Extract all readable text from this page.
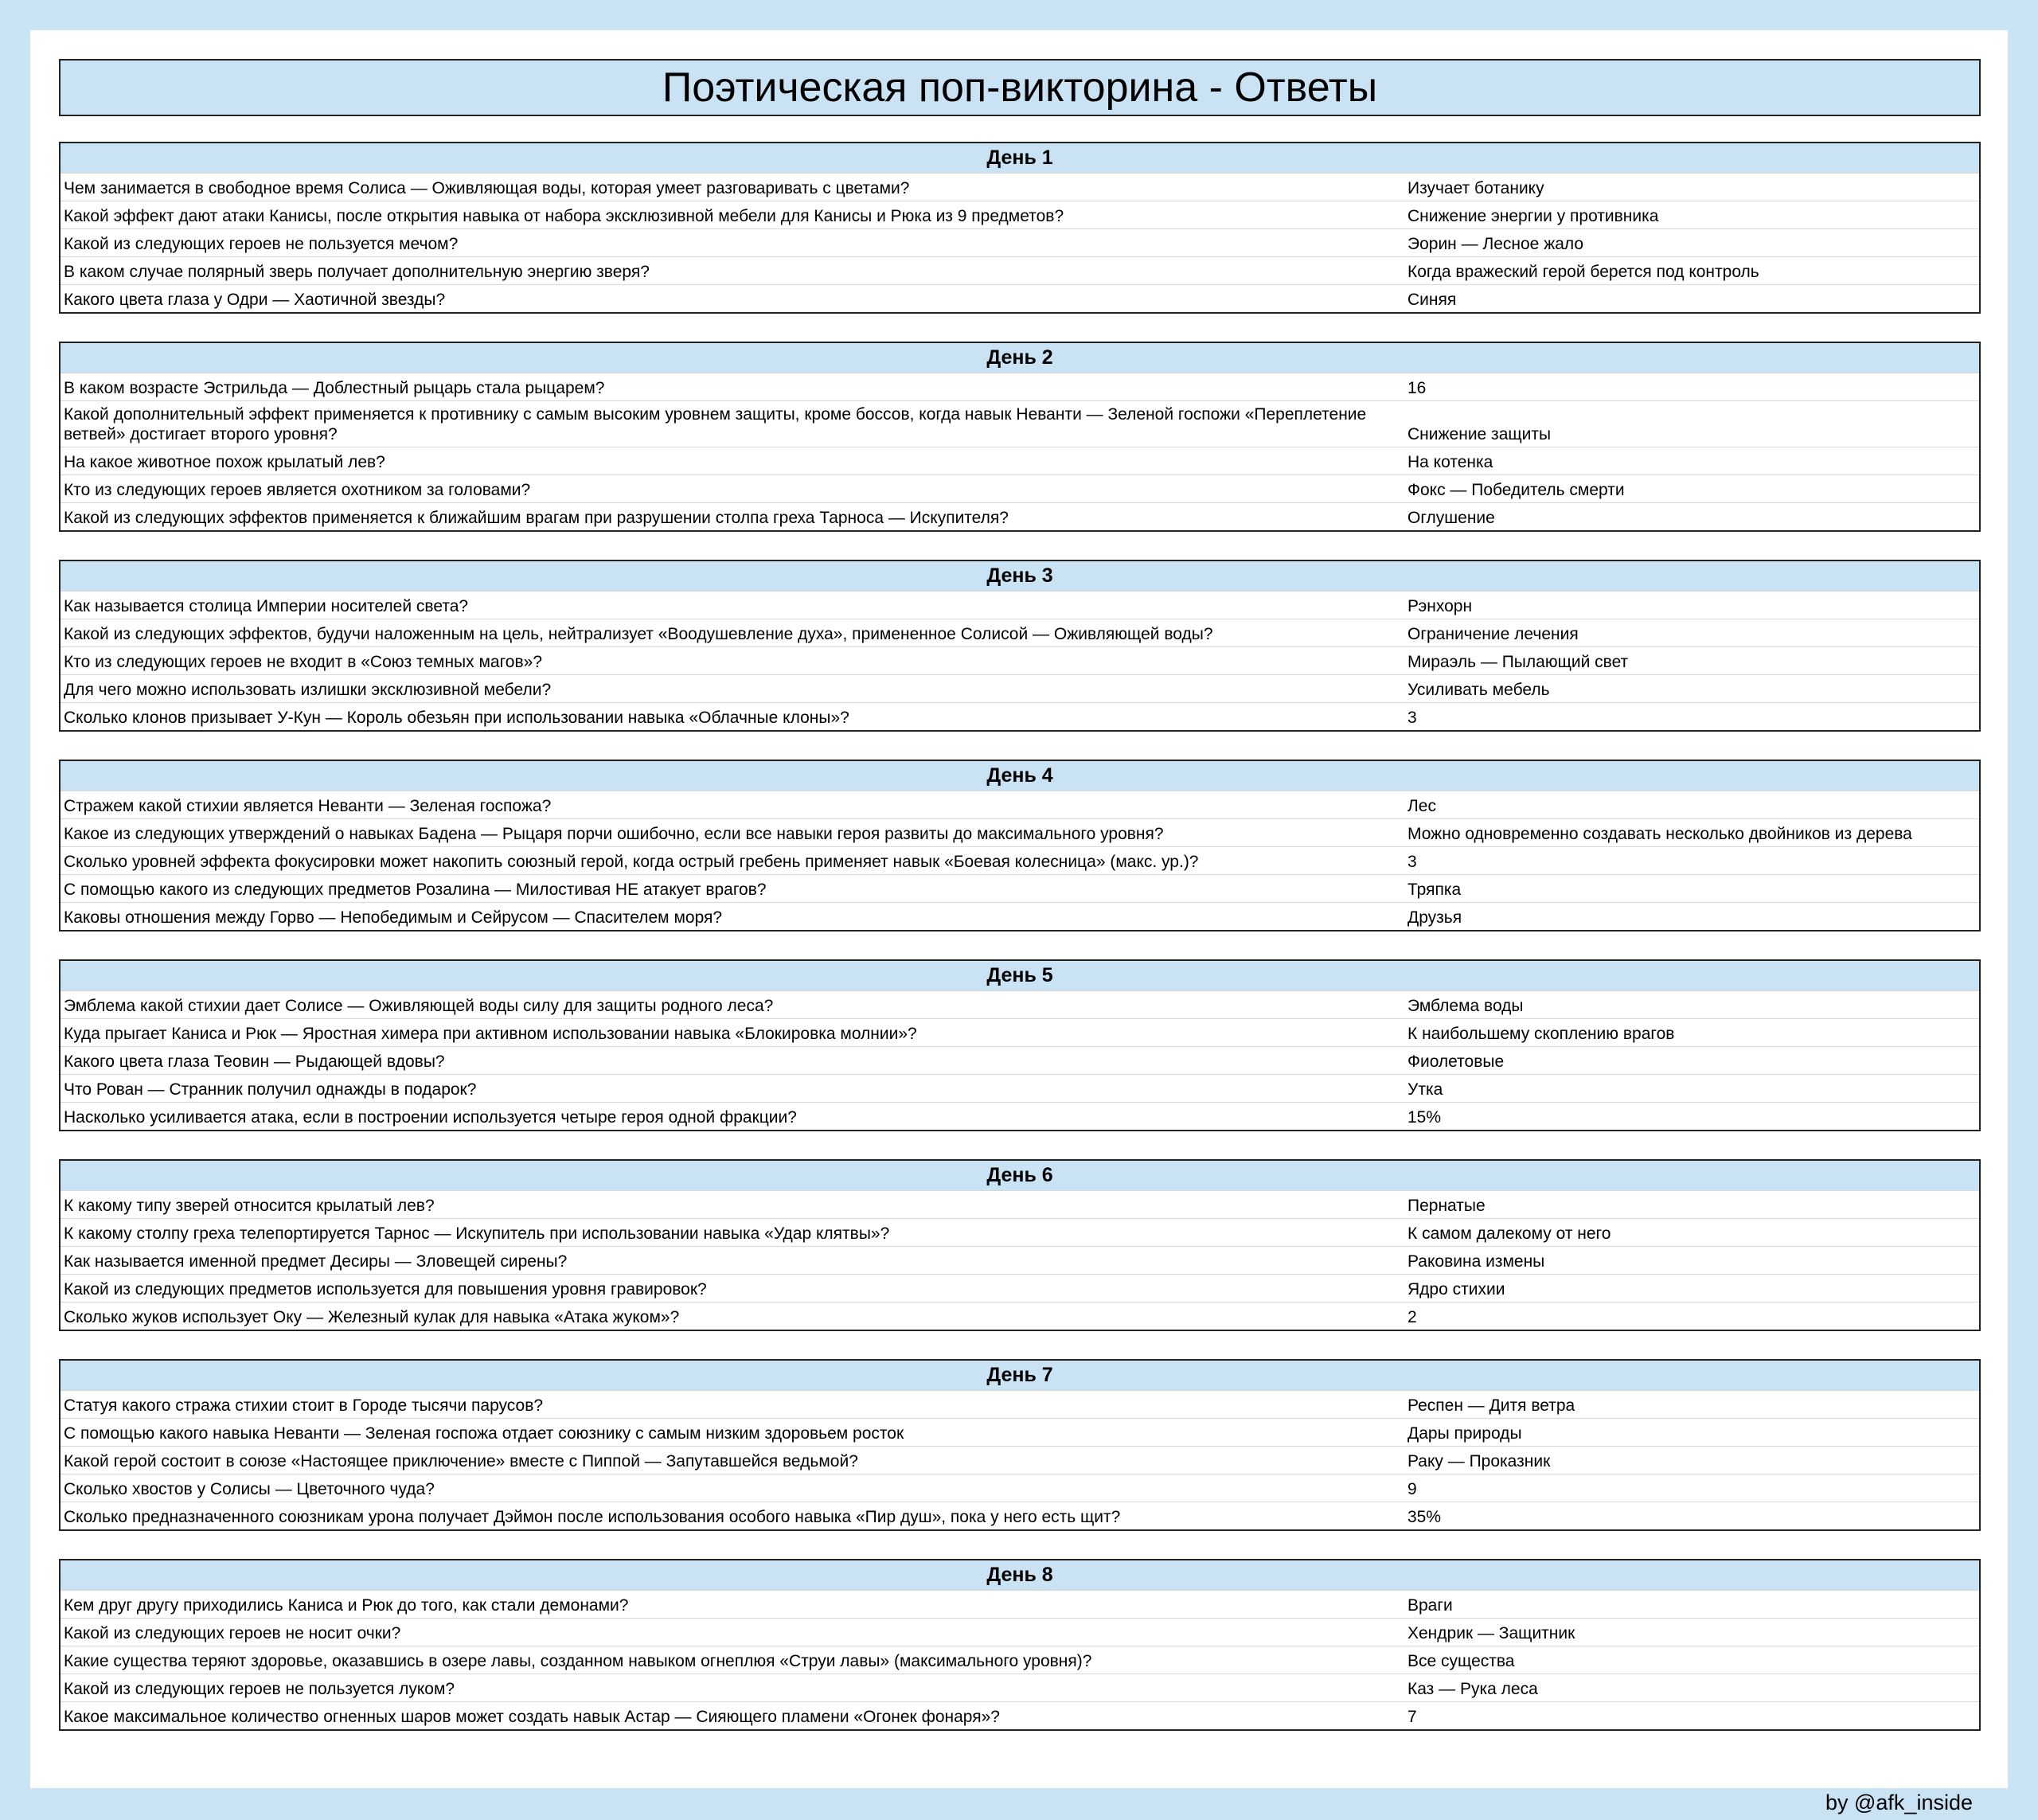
Поэтическая поп-викторина - Ответы
День 1
Чем занимается в свободное время Солиса — Оживляющая воды, которая умеет разговаривать с цветами?	Изучает ботанику
Какой эффект дают атаки Канисы, после открытия навыка от набора эксклюзивной мебели для Канисы и Рюка из 9 предметов?	Снижение энергии у противника
Какой из следующих героев не пользуется мечом?	Эорин — Лесное жало
В каком случае полярный зверь получает дополнительную энергию зверя?	Когда вражеский герой берется под контроль
Какого цвета глаза у Одри — Хаотичной звезды?	Синяя
День 2
В каком возрасте Эстрильда — Доблестный рыцарь стала рыцарем?	16
Какой дополнительный эффект применяется к противнику с самым высоким уровнем защиты, кроме боссов, когда навык Неванти — Зеленой госпожи «Переплетение ветвей» достигает второго уровня?	Снижение защиты
На какое животное похож крылатый лев?	На котенка
Кто из следующих героев является охотником за головами?	Фокс — Победитель смерти
Какой из следующих эффектов применяется к ближайшим врагам при разрушении столпа греха Тарноса — Искупителя?	Оглушение
День 3
Как называется столица Империи носителей света?	Рэнхорн
Какой из следующих эффектов, будучи наложенным на цель, нейтрализует «Воодушевление духа», примененное Солисой — Оживляющей воды?	Ограничение лечения
Кто из следующих героев не входит в «Союз темных магов»?	Мираэль — Пылающий свет
Для чего можно использовать излишки эксклюзивной мебели?	Усиливать мебель
Сколько клонов призывает У-Кун — Король обезьян при использовании навыка «Облачные клоны»?	3
День 4
Стражем какой стихии является Неванти — Зеленая госпожа?	Лес
Какое из следующих утверждений о навыках Бадена — Рыцаря порчи ошибочно, если все навыки героя развиты до максимального уровня?	Можно одновременно создавать несколько двойников из дерева
Сколько уровней эффекта фокусировки может накопить союзный герой, когда острый гребень применяет навык «Боевая колесница» (макс. ур.)?	3
С помощью какого из следующих предметов Розалина — Милостивая НЕ атакует врагов?	Тряпка
Каковы отношения между Горво — Непобедимым и Сейрусом — Спасителем моря?	Друзья
День 5
Эмблема какой стихии дает Солисе — Оживляющей воды силу для защиты родного леса?	Эмблема воды
Куда прыгает Каниса и Рюк — Яростная химера при активном использовании навыка «Блокировка молнии»?	К наибольшему скоплению врагов
Какого цвета глаза Теовин — Рыдающей вдовы?	Фиолетовые
Что Рован — Странник получил однажды в подарок?	Утка
Насколько усиливается атака, если в построении используется четыре героя одной фракции?	15%
День 6
К какому типу зверей относится крылатый лев?	Пернатые
К какому столпу греха телепортируется Тарнос — Искупитель при использовании навыка «Удар клятвы»?	К самом далекому от него
Как называется именной предмет Десиры — Зловещей сирены?	Раковина измены
Какой из следующих предметов используется для повышения уровня гравировок?	Ядро стихии
Сколько жуков использует Оку — Железный кулак для навыка «Атака жуком»?	2
День 7
Статуя какого стража стихии стоит в Городе тысячи парусов?	Респен — Дитя ветра
С помощью какого навыка Неванти — Зеленая госпожа отдает союзнику с самым низким здоровьем росток	Дары природы
Какой герой состоит в союзе «Настоящее приключение» вместе с Пиппой — Запутавшейся ведьмой?	Раку — Проказник
Сколько хвостов у Солисы — Цветочного чуда?	9
Сколько предназначенного союзникам урона получает Дэймон после использования особого навыка «Пир душ», пока у него есть щит?	35%
День 8
Кем друг другу приходились Каниса и Рюк до того, как стали демонами?	Враги
Какой из следующих героев не носит очки?	Хендрик — Защитник
Какие существа теряют здоровье, оказавшись в озере лавы, созданном навыком огнеплюя «Струи лавы» (максимального уровня)?	Все существа
Какой из следующих героев не пользуется луком?	Каз — Рука леса
Какое максимальное количество огненных шаров может создать навык Астар — Сияющего пламени «Огонек фонаря»?	7
by @afk_inside
